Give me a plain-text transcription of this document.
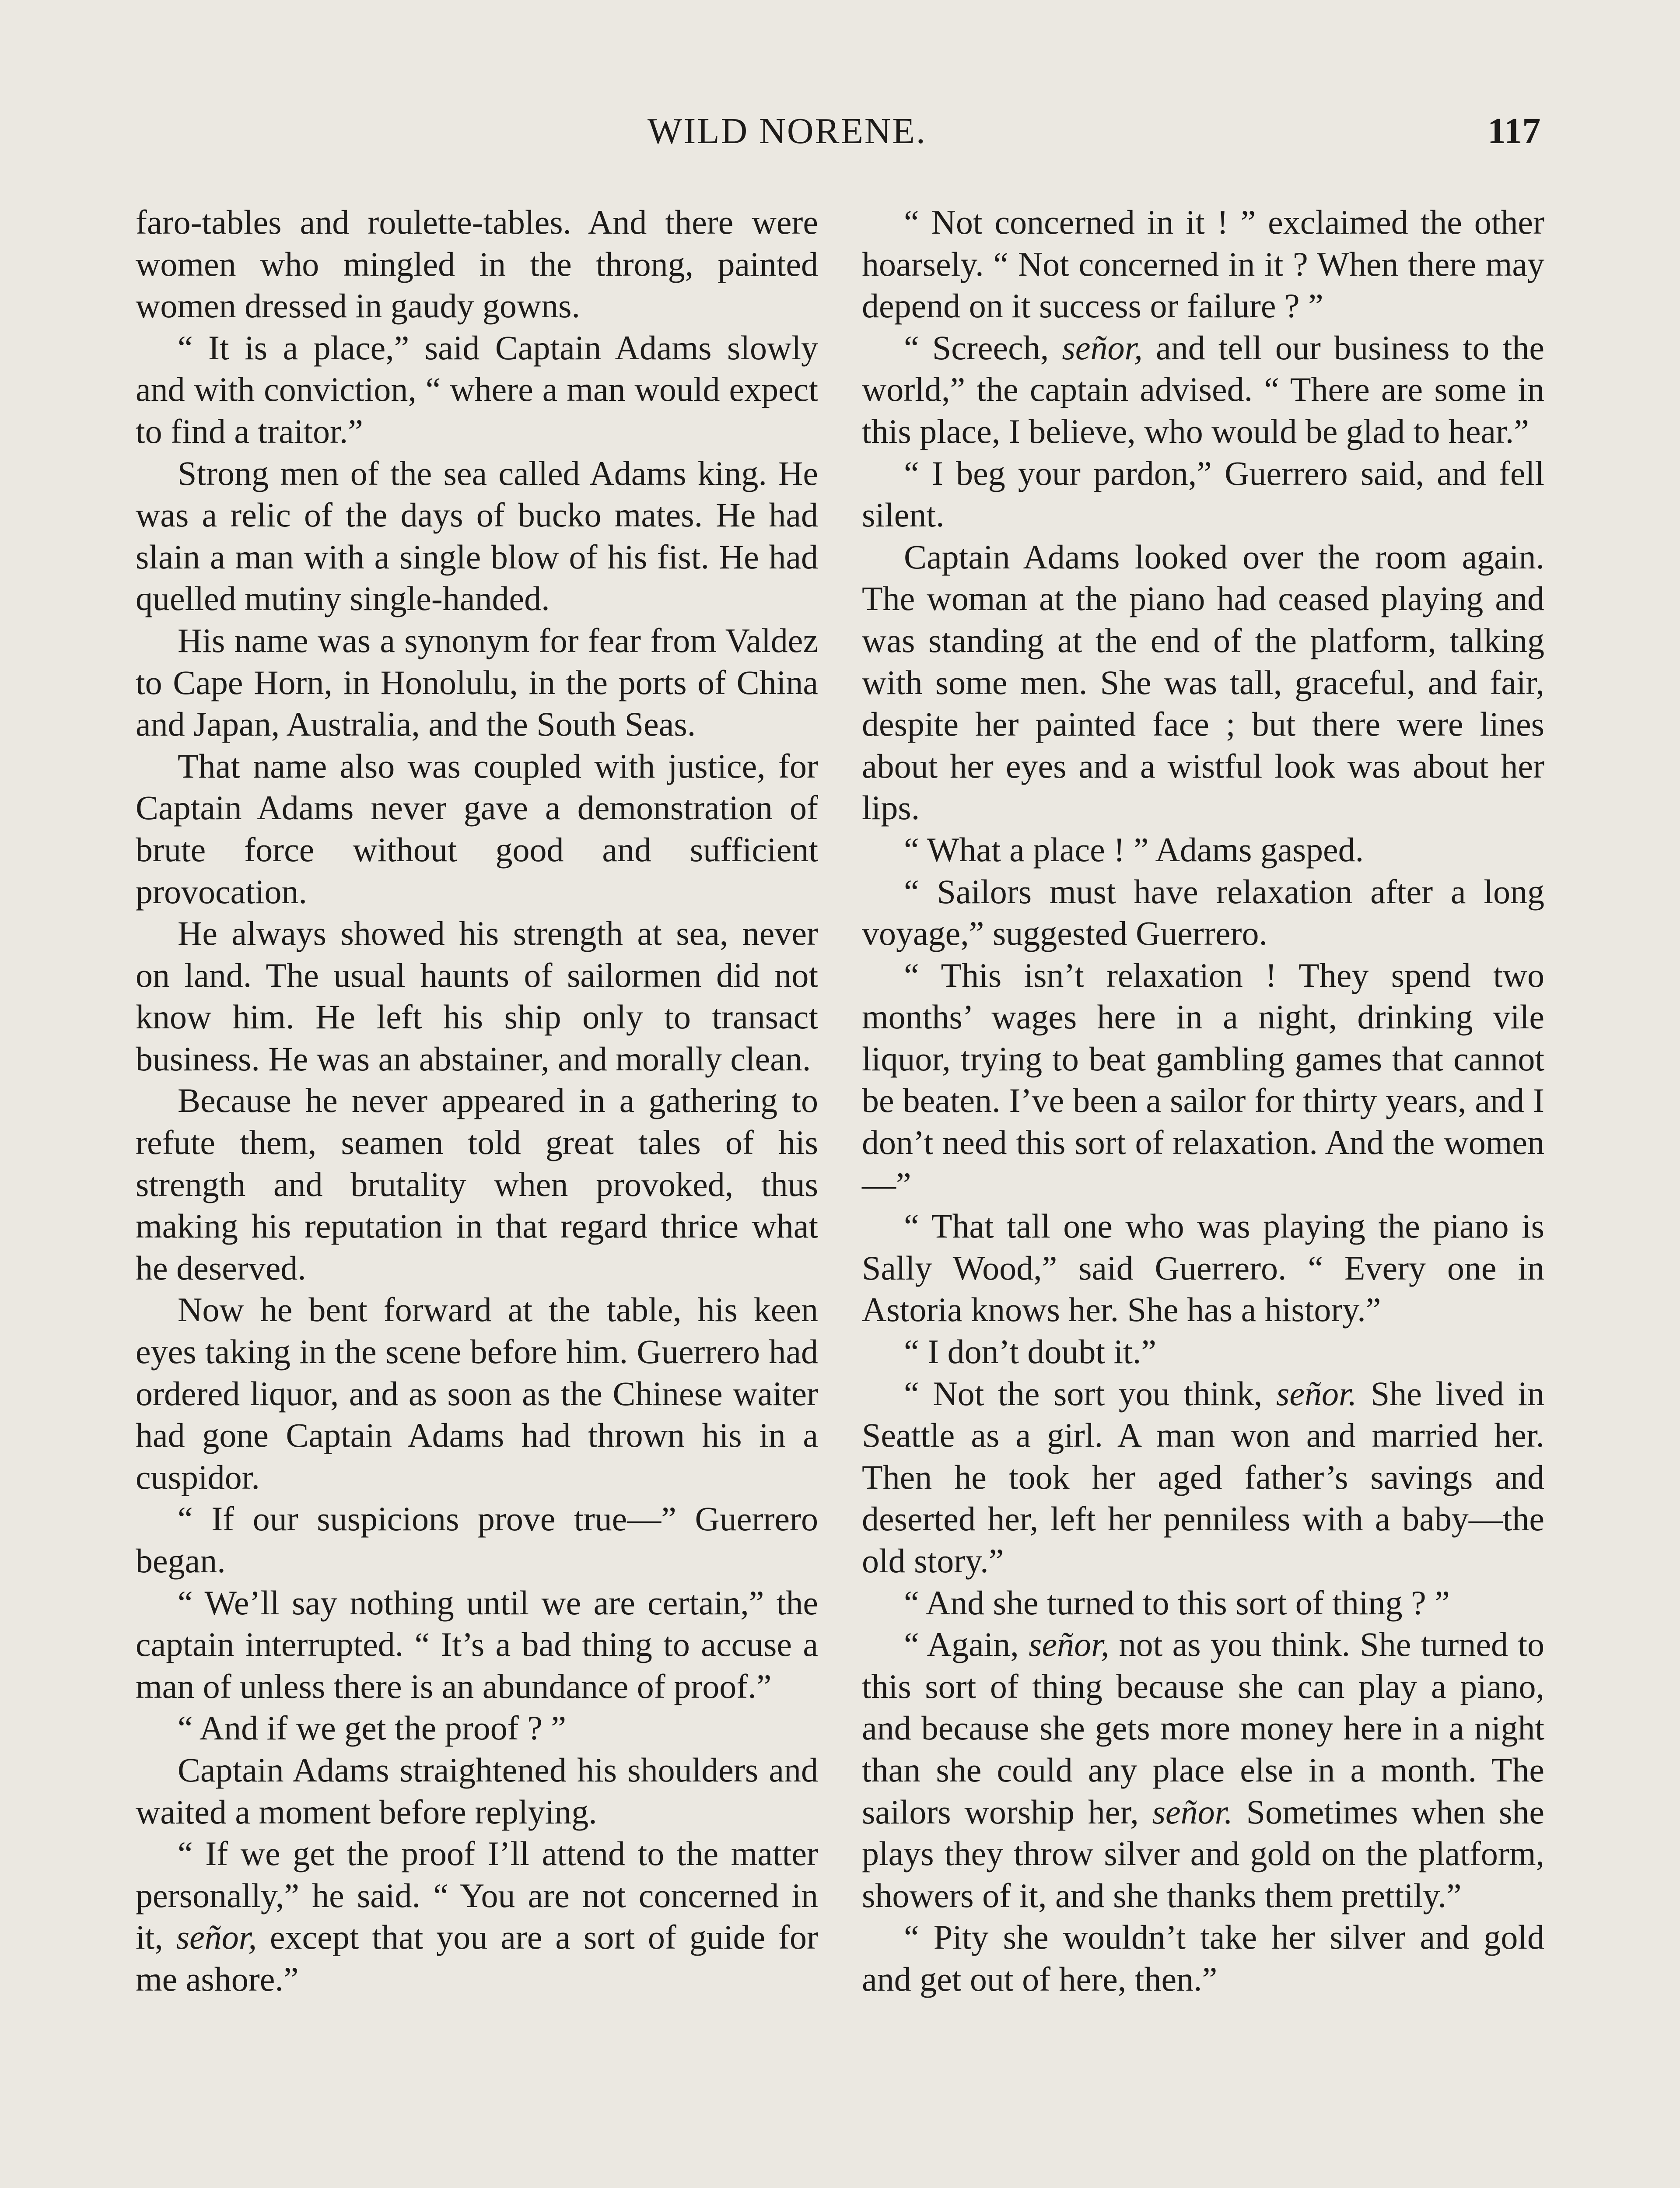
WILD NORENE.	117

faro-tables and roulette-tables. And there were women who mingled in the throng, painted women dressed in gaudy gowns.

“ It is a place,” said Captain Adams slowly and with conviction, “ where a man would expect to find a traitor.”

Strong men of the sea called Adams king. He was a relic of the days of bucko mates. He had slain a man with a single blow of his fist. He had quelled mutiny single-handed.

His name was a synonym for fear from Valdez to Cape Horn, in Honolulu, in the ports of China and Japan, Australia, and the South Seas.

That name also was coupled with justice, for Captain Adams never gave a demonstration of brute force without good and sufficient provocation.

He always showed his strength at sea, never on land. The usual haunts of sailormen did not know him. He left his ship only to transact business. He was an abstainer, and morally clean.

Because he never appeared in a gathering to refute them, seamen told great tales of his strength and brutality when provoked, thus making his reputation in that regard thrice what he deserved.

Now he bent forward at the table, his keen eyes taking in the scene before him. Guerrero had ordered liquor, and as soon as the Chinese waiter had gone Captain Adams had thrown his in a cuspidor.

“ If our suspicions prove true—” Guerrero began.

“ We’ll say nothing until we are certain,” the captain interrupted. “ It’s a bad thing to accuse a man of unless there is an abundance of proof.”

“ And if we get the proof ? ”

Captain Adams straightened his shoulders and waited a moment before replying.

“ If we get the proof I’ll attend to the matter personally,” he said. “ You are not concerned in it, señor, except that you are a sort of guide for me ashore.”

“ Not concerned in it ! ” exclaimed the other hoarsely. “ Not concerned in it ? When there may depend on it success or failure ? ”

“ Screech, señor, and tell our business to the world,” the captain advised. “ There are some in this place, I believe, who would be glad to hear.”

“ I beg your pardon,” Guerrero said, and fell silent.

Captain Adams looked over the room again. The woman at the piano had ceased playing and was standing at the end of the platform, talking with some men. She was tall, graceful, and fair, despite her painted face ; but there were lines about her eyes and a wistful look was about her lips.

“ What a place ! ” Adams gasped.

“ Sailors must have relaxation after a long voyage,” suggested Guerrero.

“ This isn’t relaxation ! They spend two months’ wages here in a night, drinking vile liquor, trying to beat gambling games that cannot be beaten. I’ve been a sailor for thirty years, and I don’t need this sort of relaxation. And the women—”

“ That tall one who was playing the piano is Sally Wood,” said Guerrero. “ Every one in Astoria knows her. She has a history.”

“ I don’t doubt it.”

“ Not the sort you think, señor. She lived in Seattle as a girl. A man won and married her. Then he took her aged father’s savings and deserted her, left her penniless with a baby—the old story.”

“ And she turned to this sort of thing ? ”

“ Again, señor, not as you think. She turned to this sort of thing because she can play a piano, and because she gets more money here in a night than she could any place else in a month. The sailors worship her, señor. Sometimes when she plays they throw silver and gold on the platform, showers of it, and she thanks them prettily.”

“ Pity she wouldn’t take her silver and gold and get out of here, then.”
